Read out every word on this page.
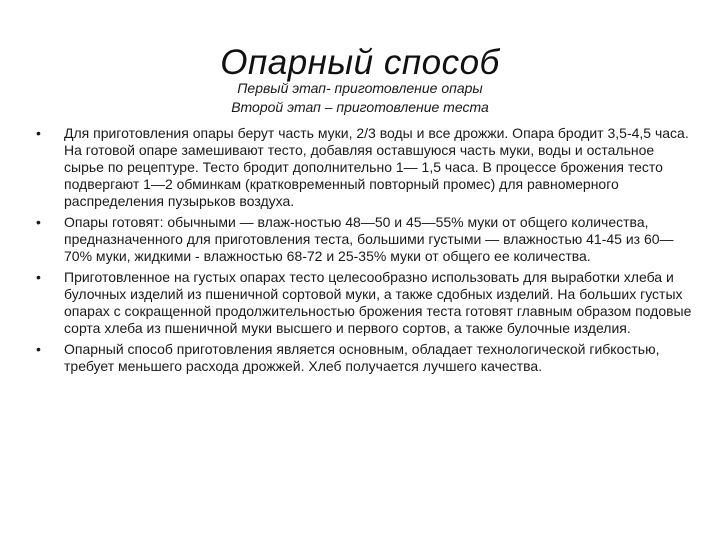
Опарный способ
Первый этап- приготовление опары
Второй этап – приготовление теста
•	Для приготовления опары берут часть муки, 2/3 воды и все дрожжи. Опара бродит 3,5-4,5 часа. На готовой опаре замешивают тесто, добавляя оставшуюся часть муки, воды и остальное сырье по рецептуре. Тесто бродит дополнительно 1— 1,5 часа. В процессе брожения тесто подвергают 1—2 обминкам (кратковременный повторный промес) для равномерного распределения пузырьков воздуха.
•	Опары готовят: обычными — влаж-ностью 48—50 и 45—55% муки от общего количества, предназначенного для приготовления теста, большими густыми — влажностью 41-45 из 60—70% муки, жидкими - влажностью 68-72 и 25-35% муки от общего ее количества.
•	Приготовленное на густых опарах тесто целесообразно использовать для выработки хлеба и булочных изделий из пшеничной сортовой муки, а также сдобных изделий. На больших густых опарах с сокращенной продолжительностью брожения теста готовят главным образом подовые сорта хлеба из пшеничной муки высшего и первого сортов, а также булочные изделия.
•	Опарный способ приготовления является основным, обладает технологической гибкостью, требует меньшего расхода дрожжей. Хлеб получается лучшего качества.
